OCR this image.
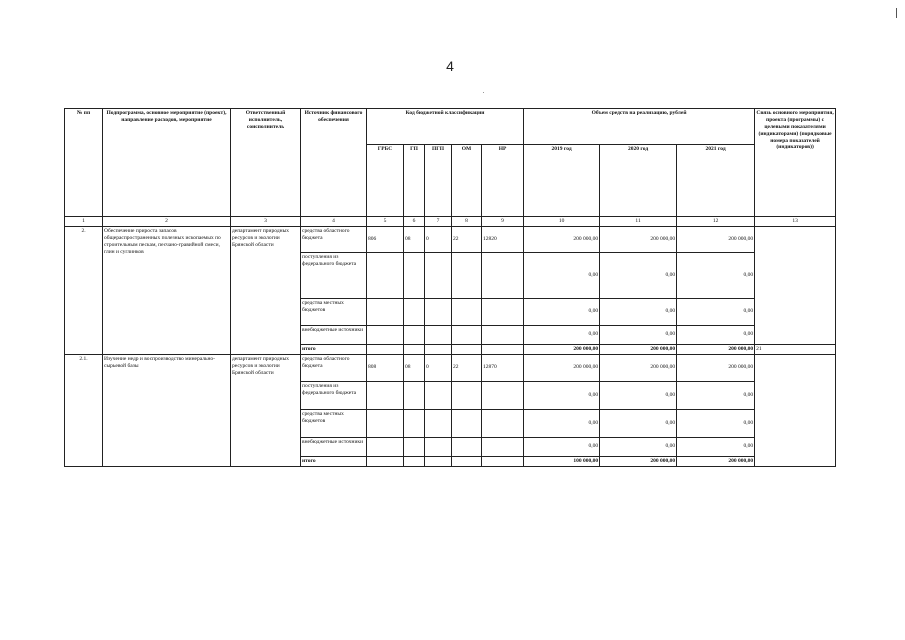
4
№ пп	Подпрограмма, основное мероприятие (проект), направление расходов, мероприятие	Ответственный исполнитель, соисполнитель	Источник финансового обеспечения	Код бюджетной классификации					Объем средств на реализацию, рублей			Связь основного мероприятия, проекта (программы) с целевыми показателями (индикаторами) (порядковые номера показателей (индикаторов))
				ГРБС	ГП	ПГП	ОМ	НР	2019 год	2020 год	2021 год	
1	2	3	4	5	6	7	8	9	10	11	12	13
2.	Обеспечение прироста запасов общераспространенных полезных ископаемых по строительным пескам, песчано-гравийной смеси, глин и суглинков	департамент природных ресурсов и экологии Брянской области	средства областного бюджета	806	08	0	22	12820	200 000,00	200 000,00	200 000,00	
			поступления из федерального бюджета						0,00	0,00	0,00	
			средства местных бюджетов						0,00	0,00	0,00	
			внебюджетные источники						0,00	0,00	0,00	
			итого						200 000,00	200 000,00	200 000,00	21
2.1.	Изучение недр и воспроизводство минерально-сырьевой базы	департамент природных ресурсов и экологии Брянской области	средства областного бюджета	808	08	0	22	12870	200 000,00	200 000,00	200 000,00	
			поступления из федерального бюджета						0,00	0,00	0,00	
			средства местных бюджетов						0,00	0,00	0,00	
			внебюджетные источники						0,00	0,00	0,00	
			итого						100 000,00	200 000,00	200 000,00	
